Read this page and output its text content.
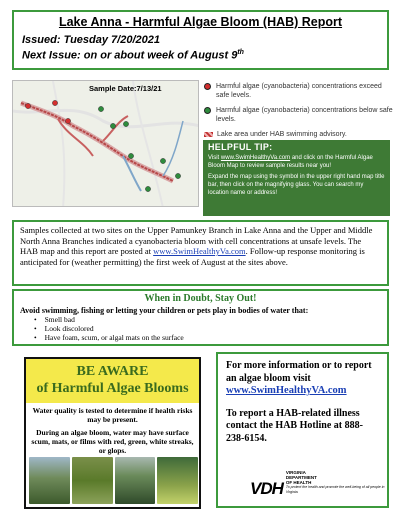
Lake Anna - Harmful Algae Bloom (HAB) Report
Issued: Tuesday 7/20/2021
Next Issue: on or about week of August 9th
Sample Date:7/13/21	Harmful algae (cyanobacteria) concentrations exceed safe levels.
Harmful algae (cyanobacteria) concentrations below safe levels.
Lake area under HAB swimming advisory.
HELPFUL TIP:

Visit www.SwimHealthyVa.com and click on the Harmful Algae Bloom Map to review sample results near you!

Expand the map using the symbol in the upper right hand map title bar, then click on the magnifying glass. You can search my location name or address!

Samples collected at two sites on the Upper Pamunkey Branch in Lake Anna and the Upper and Middle North Anna Branches indicated a cyanobacteria bloom with cell concentrations at unsafe levels. The HAB map and this report are posted at www.SwimHealthyVa.com. Follow-up response monitoring is anticipated for (weather permitting) the first week of August at the sites above.
When in Doubt, Stay Out!
Avoid swimming, fishing or letting your children or pets play in bodies of water that:
• Smell bad
• Look discolored
• Have foam, scum, or algal mats on the surface
BE AWARE
of Harmful Algae Blooms
Water quality is tested to determine if health risks may be present.
During an algae bloom, water may have surface scum, mats, or films with red, green, white streaks, or glops.
For more information or to report an algae bloom visit
www.SwimHealthyVA.com
To report a HAB-related illness contact the HAB Hotline at 888-238-6154.
VDH
VIRGINIA
DEPARTMENT
OF HEALTH
To protect the health and promote the well-being of all people in Virginia.
